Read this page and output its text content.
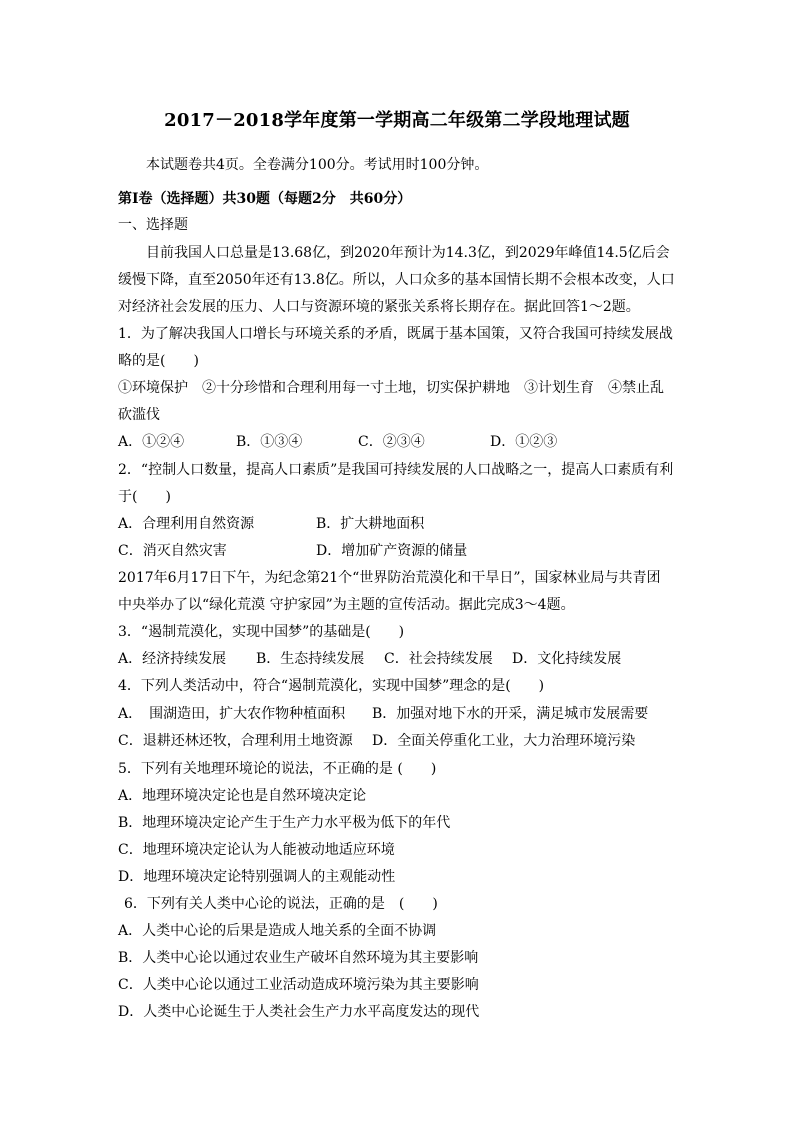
2017－2018学年度第一学期高二年级第二学段地理试题
本试题卷共4页。全卷满分100分。考试用时100分钟。
第Ⅰ卷（选择题）共30题（每题2分　共60分）
一、选择题
目前我国人口总量是13.68亿，到2020年预计为14.3亿，到2029年峰值14.5亿后会
缓慢下降，直至2050年还有13.8亿。所以，人口众多的基本国情长期不会根本改变，人口
对经济社会发展的压力、人口与资源环境的紧张关系将长期存在。据此回答1～2题。
1．为了解决我国人口增长与环境关系的矛盾，既属于基本国策，又符合我国可持续发展战
略的是(　　)
①环境保护　②十分珍惜和合理利用每一寸土地，切实保护耕地　③计划生育　④禁止乱
砍滥伐
A．①②④	B．①③④	C．②③④	D．①②③
2．“控制人口数量，提高人口素质”是我国可持续发展的人口战略之一，提高人口素质有利
于(　　)
A．合理利用自然资源	B．扩大耕地面积
C．消灭自然灾害	D．增加矿产资源的储量
2017年6月17日下午，为纪念第21个“世界防治荒漠化和干旱日”，国家林业局与共青团
中央举办了以“绿化荒漠 守护家园”为主题的宣传活动。据此完成3～4题。
3．“遏制荒漠化，实现中国梦”的基础是(　　)
A．经济持续发展 B．生态持续发展 C．社会持续发展 D．文化持续发展
4．下列人类活动中，符合“遏制荒漠化，实现中国梦”理念的是(　　)
A．　围湖造田，扩大农作物种植面积 B．加强对地下水的开采，满足城市发展需要
C．退耕还林还牧，合理利用土地资源 D．全面关停重化工业，大力治理环境污染
5．下列有关地理环境论的说法，不正确的是 (　　)
A．地理环境决定论也是自然环境决定论
B．地理环境决定论产生于生产力水平极为低下的年代
C．地理环境决定论认为人能被动地适应环境
D．地理环境决定论特别强调人的主观能动性
6．下列有关人类中心论的说法，正确的是　(　　)
A．人类中心论的后果是造成人地关系的全面不协调
B．人类中心论以通过农业生产破坏自然环境为其主要影响
C．人类中心论以通过工业活动造成环境污染为其主要影响
D．人类中心论诞生于人类社会生产力水平高度发达的现代
